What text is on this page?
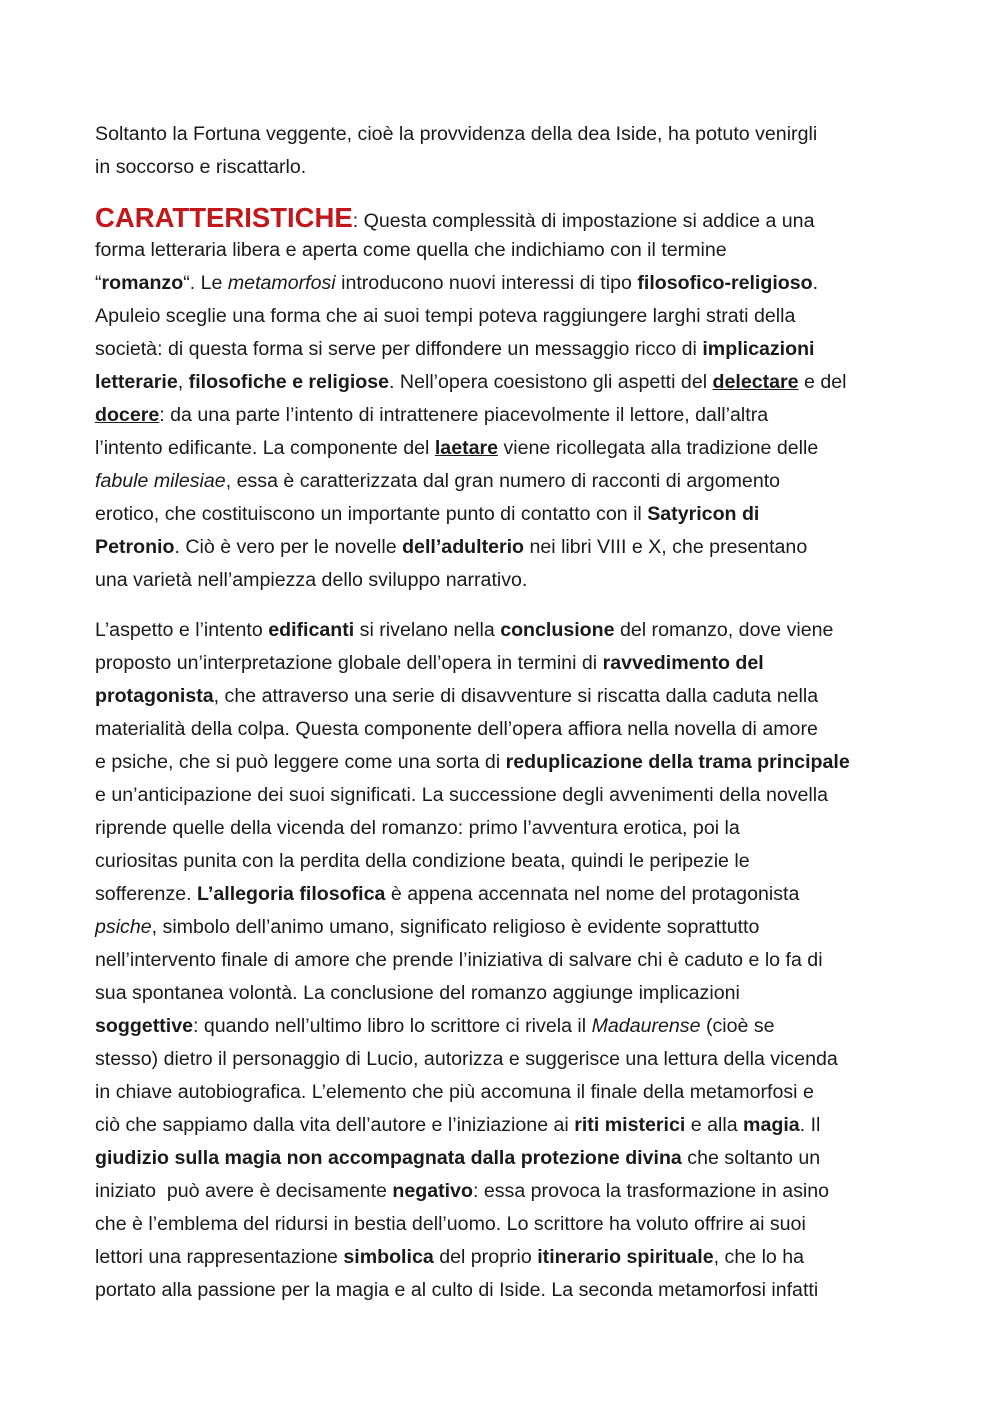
Soltanto la Fortuna veggente, cioè la provvidenza della dea Iside, ha potuto venirgli
in soccorso e riscattarlo.
CARATTERISTICHE: Questa complessità di impostazione si addice a una
forma letteraria libera e aperta come quella che indichiamo con il termine
“romanzo“. Le metamorfosi introducono nuovi interessi di tipo filosofico-religioso.
Apuleio sceglie una forma che ai suoi tempi poteva raggiungere larghi strati della
società: di questa forma si serve per diffondere un messaggio ricco di implicazioni
letterarie, filosofiche e religiose. Nell’opera coesistono gli aspetti del delectare e del
docere: da una parte l’intento di intrattenere piacevolmente il lettore, dall’altra
l’intento edificante. La componente del laetare viene ricollegata alla tradizione delle
fabule milesiae, essa è caratterizzata dal gran numero di racconti di argomento
erotico, che costituiscono un importante punto di contatto con il Satyricon di
Petronio. Ciò è vero per le novelle dell’adulterio nei libri VIII e X, che presentano
una varietà nell’ampiezza dello sviluppo narrativo.
L’aspetto e l’intento edificanti si rivelano nella conclusione del romanzo, dove viene
proposto un’interpretazione globale dell’opera in termini di ravvedimento del
protagonista, che attraverso una serie di disavventure si riscatta dalla caduta nella
materialità della colpa. Questa componente dell’opera affiora nella novella di amore
e psiche, che si può leggere come una sorta di reduplicazione della trama principale
e un’anticipazione dei suoi significati. La successione degli avvenimenti della novella
riprende quelle della vicenda del romanzo: primo l’avventura erotica, poi la
curiositas punita con la perdita della condizione beata, quindi le peripezie le
sofferenze. L’allegoria filosofica è appena accennata nel nome del protagonista
psiche, simbolo dell’animo umano, significato religioso è evidente soprattutto
nell’intervento finale di amore che prende l’iniziativa di salvare chi è caduto e lo fa di
sua spontanea volontà. La conclusione del romanzo aggiunge implicazioni
soggettive: quando nell’ultimo libro lo scrittore ci rivela il Madaurense (cioè se
stesso) dietro il personaggio di Lucio, autorizza e suggerisce una lettura della vicenda
in chiave autobiografica. L’elemento che più accomuna il finale della metamorfosi e
ciò che sappiamo dalla vita dell’autore e l’iniziazione ai riti misterici e alla magia. Il
giudizio sulla magia non accompagnata dalla protezione divina che soltanto un
iniziato  può avere è decisamente negativo: essa provoca la trasformazione in asino
che è l’emblema del ridursi in bestia dell’uomo. Lo scrittore ha voluto offrire ai suoi
lettori una rappresentazione simbolica del proprio itinerario spirituale, che lo ha
portato alla passione per la magia e al culto di Iside. La seconda metamorfosi infatti
